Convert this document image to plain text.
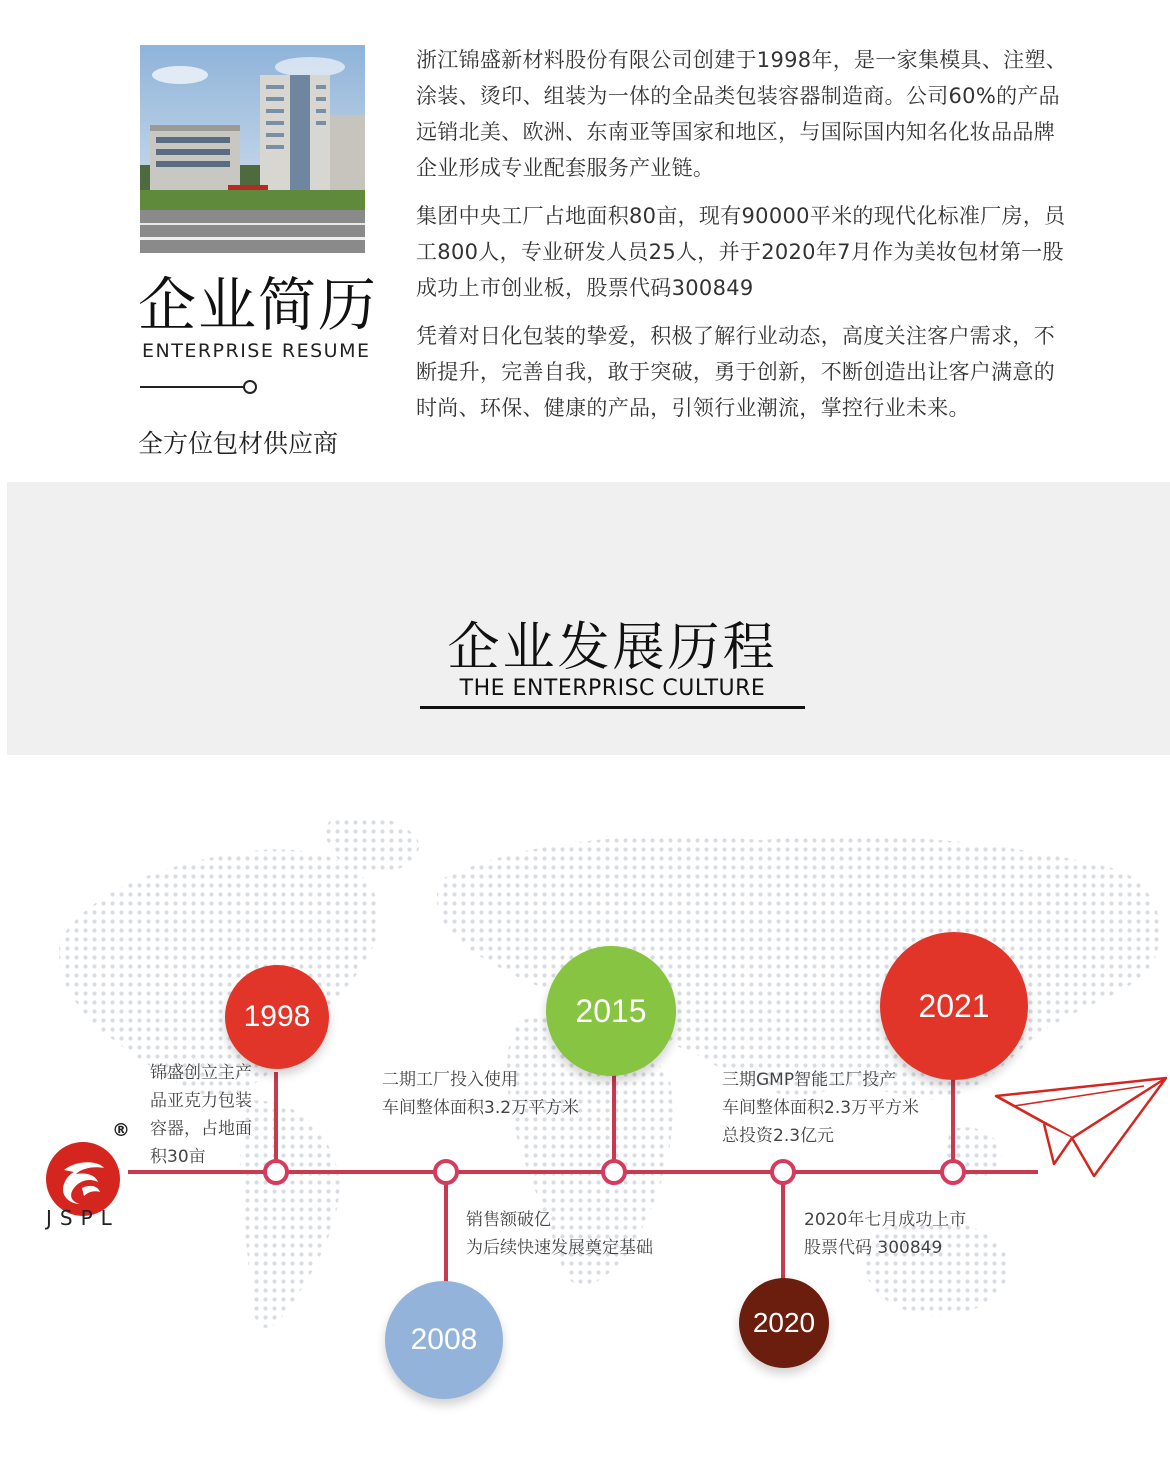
企业简历
ENTERPRISE RESUME
全方位包材供应商

浙江锦盛新材料股份有限公司创建于1998年，是一家集模具、注塑、涂装、烫印、组装为一体的全品类包装容器制造商。公司60%的产品远销北美、欧洲、东南亚等国家和地区，与国际国内知名化妆品品牌企业形成专业配套服务产业链。

集团中央工厂占地面积80亩，现有90000平米的现代化标准厂房，员工800人，专业研发人员25人，并于2020年7月作为美妆包材第一股成功上市创业板，股票代码300849

凭着对日化包装的挚爱，积极了解行业动态，高度关注客户需求，不断提升，完善自我，敢于突破，勇于创新，不断创造出让客户满意的时尚、环保、健康的产品，引领行业潮流，掌控行业未来。

企业发展历程
THE ENTERPRISC CULTURE
®
JSPL
1998
锦盛创立主产
品亚克力包装
容器，占地面
积30亩
2008
销售额破亿
为后续快速发展奠定基础
2015
二期工厂投入使用
车间整体面积3.2万平方米
2020
2020年七月成功上市
股票代码 300849
2021
三期GMP智能工厂投产
车间整体面积2.3万平方米
总投资2.3亿元
